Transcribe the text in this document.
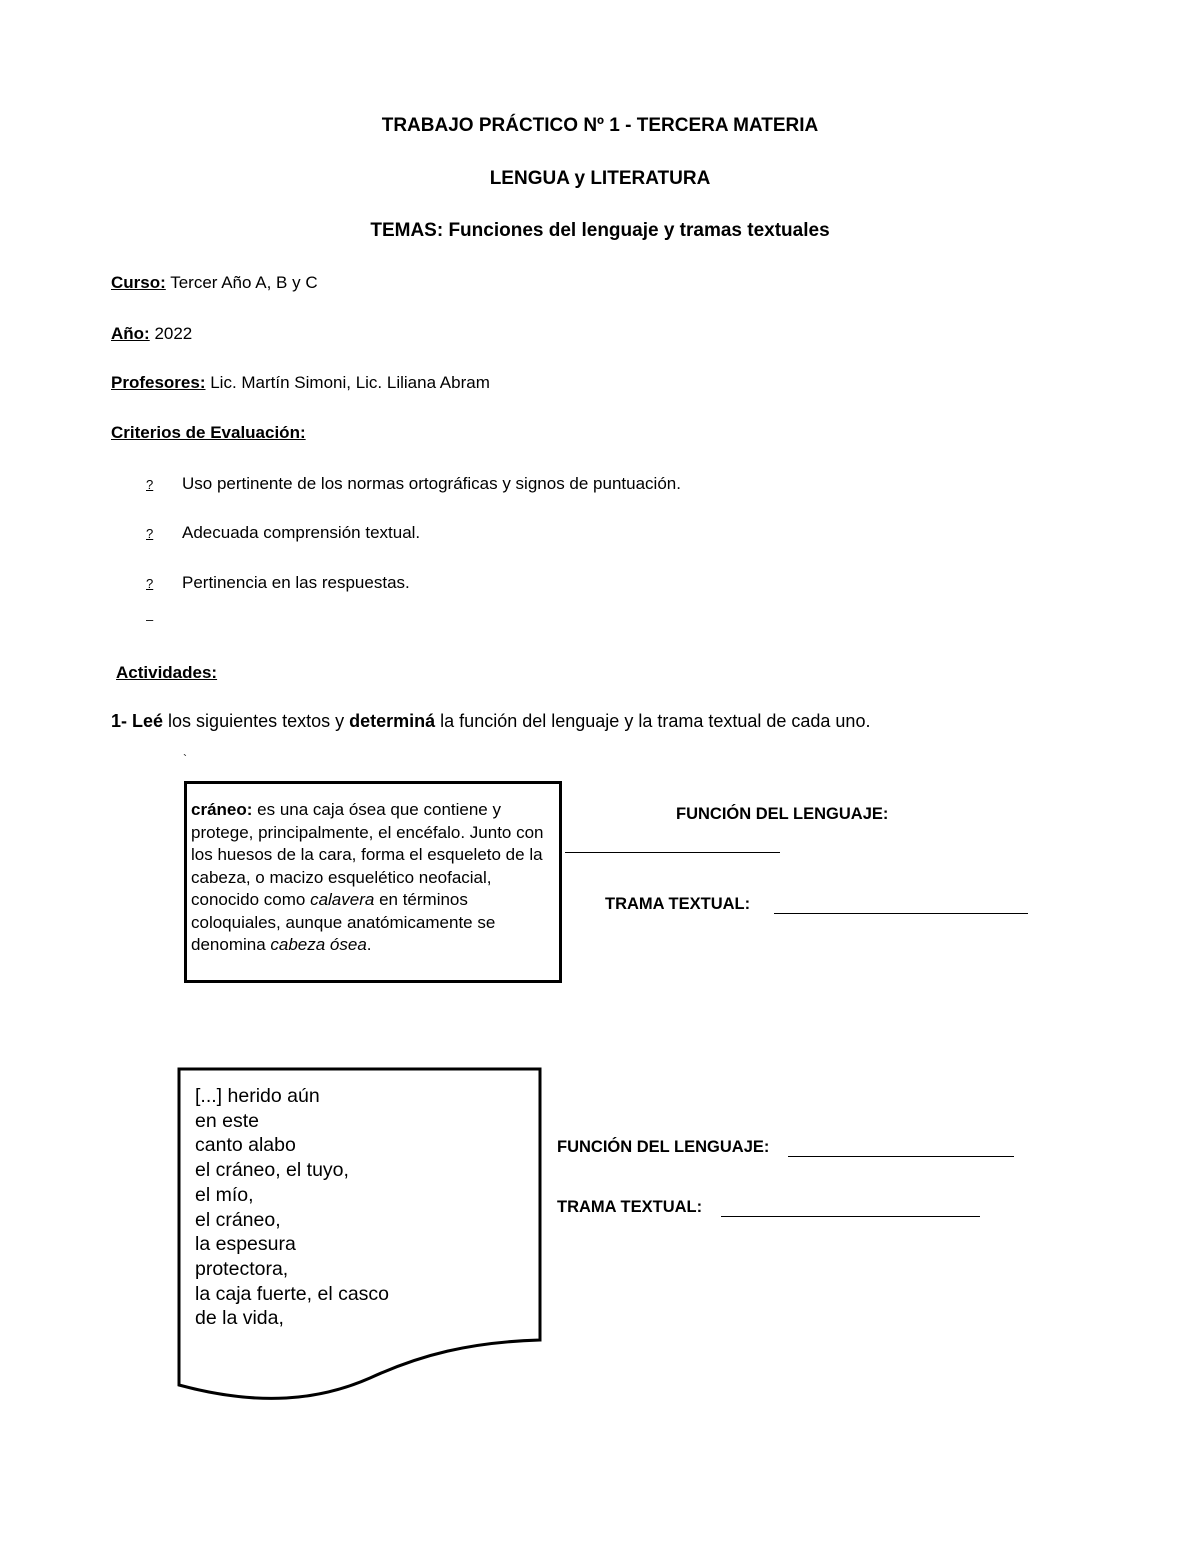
TRABAJO PRÁCTICO Nº 1 - TERCERA MATERIA
LENGUA y LITERATURA
TEMAS: Funciones del lenguaje y tramas textuales
Curso: Tercer Año A, B y C
Año: 2022
Profesores: Lic. Martín Simoni, Lic. Liliana Abram
Criterios de Evaluación:
? Uso pertinente de los normas ortográficas y signos de puntuación.
? Adecuada comprensión textual.
? Pertinencia en las respuestas.
–
Actividades:
1- Leé los siguientes textos y determiná la función del lenguaje y la trama textual de cada uno.
`

cráneo: es una caja ósea que contiene y protege, principalmente, el encéfalo. Junto con los huesos de la cara, forma el esqueleto de la cabeza, o macizo esquelético neofacial, conocido como calavera en términos coloquiales, aunque anatómicamente se denomina cabeza ósea.

FUNCIÓN DEL LENGUAJE:
TRAMA TEXTUAL:
[...] herido aún
en este
canto alabo
el cráneo, el tuyo,
el mío,
el cráneo,
la espesura
protectora,
la caja fuerte, el casco
de la vida,
FUNCIÓN DEL LENGUAJE:
TRAMA TEXTUAL:
